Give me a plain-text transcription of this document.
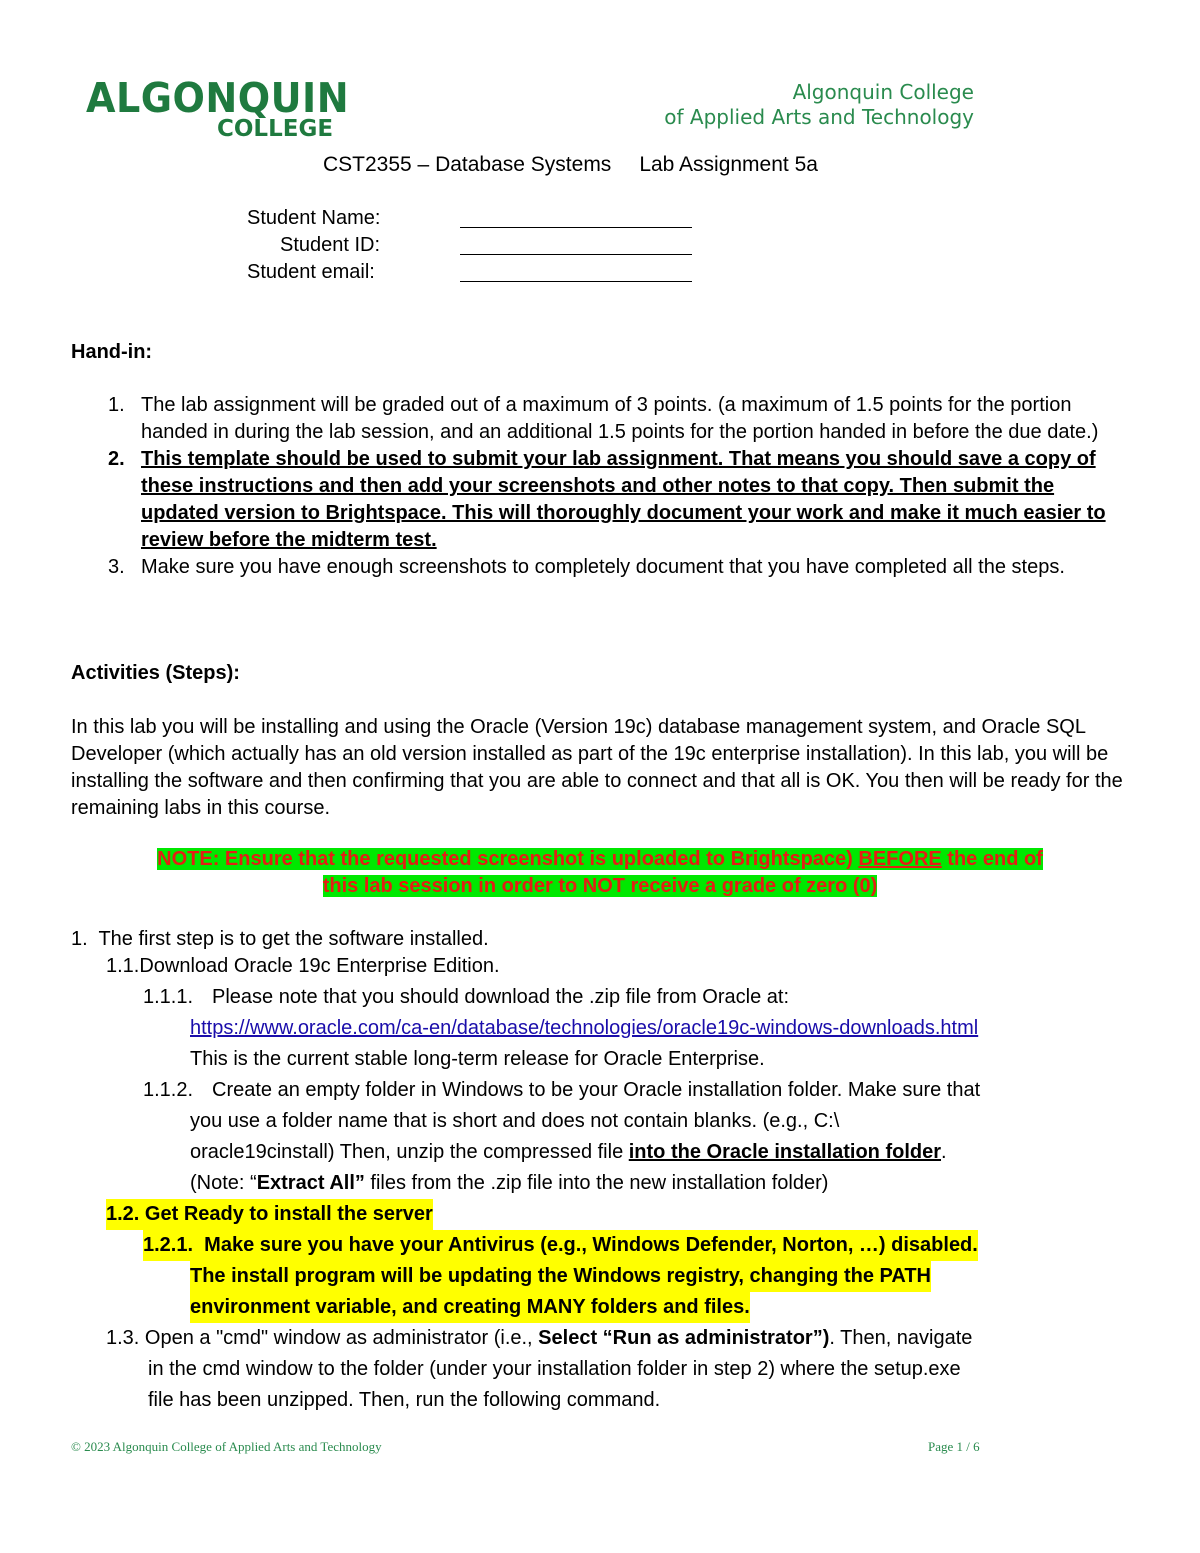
ALGONQUIN
COLLEGE
Algonquin College
of Applied Arts and Technology
CST2355 – Database Systems Lab Assignment 5a
Student Name:
Student ID:
Student email:
Hand-in:
1. The lab assignment will be graded out of a maximum of 3 points. (a maximum of 1.5 points for the portion handed in during the lab session, and an additional 1.5 points for the portion handed in before the due date.)
2. This template should be used to submit your lab assignment. That means you should save a copy of these instructions and then add your screenshots and other notes to that copy. Then submit the updated version to Brightspace. This will thoroughly document your work and make it much easier to review before the midterm test.
3. Make sure you have enough screenshots to completely document that you have completed all the steps.
Activities (Steps):
In this lab you will be installing and using the Oracle (Version 19c) database management system, and Oracle SQL Developer (which actually has an old version installed as part of the 19c enterprise installation). In this lab, you will be installing the software and then confirming that you are able to connect and that all is OK. You then will be ready for the remaining labs in this course.
NOTE: Ensure that the requested screenshot is uploaded to Brightspace) BEFORE the end of
this lab session in order to NOT receive a grade of zero (0)
1. The first step is to get the software installed.
1.1.Download Oracle 19c Enterprise Edition.
1.1.1. Please note that you should download the .zip file from Oracle at:
https://www.oracle.com/ca-en/database/technologies/oracle19c-windows-downloads.html
This is the current stable long-term release for Oracle Enterprise.
1.1.2. Create an empty folder in Windows to be your Oracle installation folder. Make sure that
you use a folder name that is short and does not contain blanks. (e.g., C:\
oracle19cinstall) Then, unzip the compressed file into the Oracle installation folder.
(Note: “Extract All” files from the .zip file into the new installation folder)
1.2. Get Ready to install the server
1.2.1. Make sure you have your Antivirus (e.g., Windows Defender, Norton, …) disabled.
The install program will be updating the Windows registry, changing the PATH
environment variable, and creating MANY folders and files.
1.3. Open a "cmd" window as administrator (i.e., Select “Run as administrator”). Then, navigate
in the cmd window to the folder (under your installation folder in step 2) where the setup.exe
file has been unzipped. Then, run the following command.
© 2023 Algonquin College of Applied Arts and Technology	Page 1 / 6
